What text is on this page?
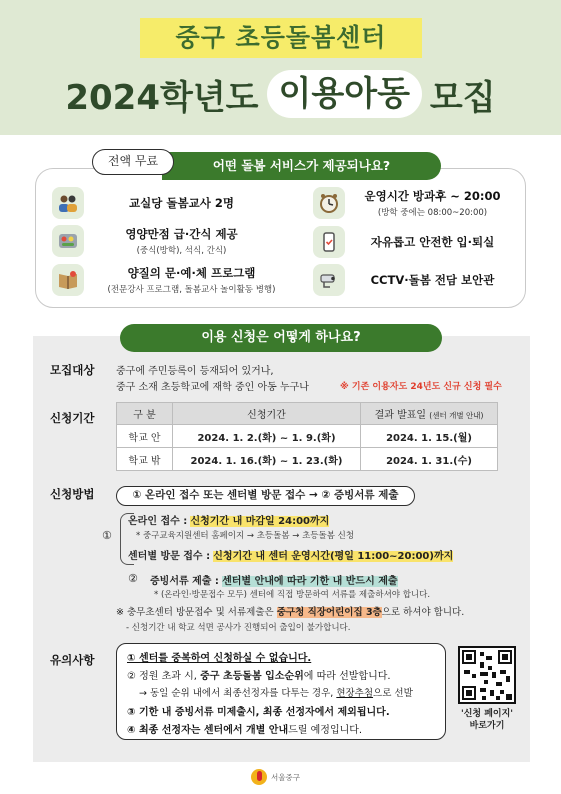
중구 초등돌봄센터
2024학년도 이용아동 모집
전액 무료	어떤 돌봄 서비스가 제공되나요?
교실당 돌봄교사 2명
영양만점 급·간식 제공
(중식(방학), 석식, 간식)
양질의 문·예·체 프로그램
(전문강사 프로그램, 돌봄교사 놀이활동 병행)
운영시간 방과후 ~ 20:00
(방학 중에는 08:00~20:00)
자유롭고 안전한 입·퇴실
CCTV·돌봄 전담 보안관
이용 신청은 어떻게 하나요?
모집대상 중구에 주민등록이 등재되어 있거나,
중구 소재 초등학교에 재학 중인 아동 누구나	※ 기존 이용자도 24년도 신규 신청 필수
신청기간	구 분	신청기간	결과 발표일 (센터 개별 안내)
학교 안	2024. 1. 2.(화) ~ 1. 9.(화)	2024. 1. 15.(월)
학교 밖	2024. 1. 16.(화) ~ 1. 23.(화)	2024. 1. 31.(수)
신청방법	① 온라인 접수 또는 센터별 방문 접수 → ② 증빙서류 제출
①
온라인 접수 : 신청기간 내 마감일 24:00까지
* 중구교육지원센터 홈페이지 → 초등돌봄 → 초등돌봄 신청
센터별 방문 접수 : 신청기간 내 센터 운영시간(평일 11:00~20:00)까지
② 증빙서류 제출 : 센터별 안내에 따라 기한 내 반드시 제출
* (온라인·방문접수 모두) 센터에 직접 방문하여 서류를 제출하셔야 합니다.
※ 충무초센터 방문접수 및 서류제출은 중구청 직장어린이집 3층으로 하셔야 합니다.
- 신청기간 내 학교 석면 공사가 진행되어 출입이 불가합니다.
유의사항	① 센터를 중복하여 신청하실 수 없습니다.
② 정원 초과 시, 중구 초등돌봄 입소순위에 따라 선발합니다.
→ 동일 순위 내에서 최종선정자를 다투는 경우, 현장추첨으로 선발
③ 기한 내 증빙서류 미제출시, 최종 선정자에서 제외됩니다.
④ 최종 선정자는 센터에서 개별 안내드릴 예정입니다.
'신청 페이지'
바로가기
서울중구
